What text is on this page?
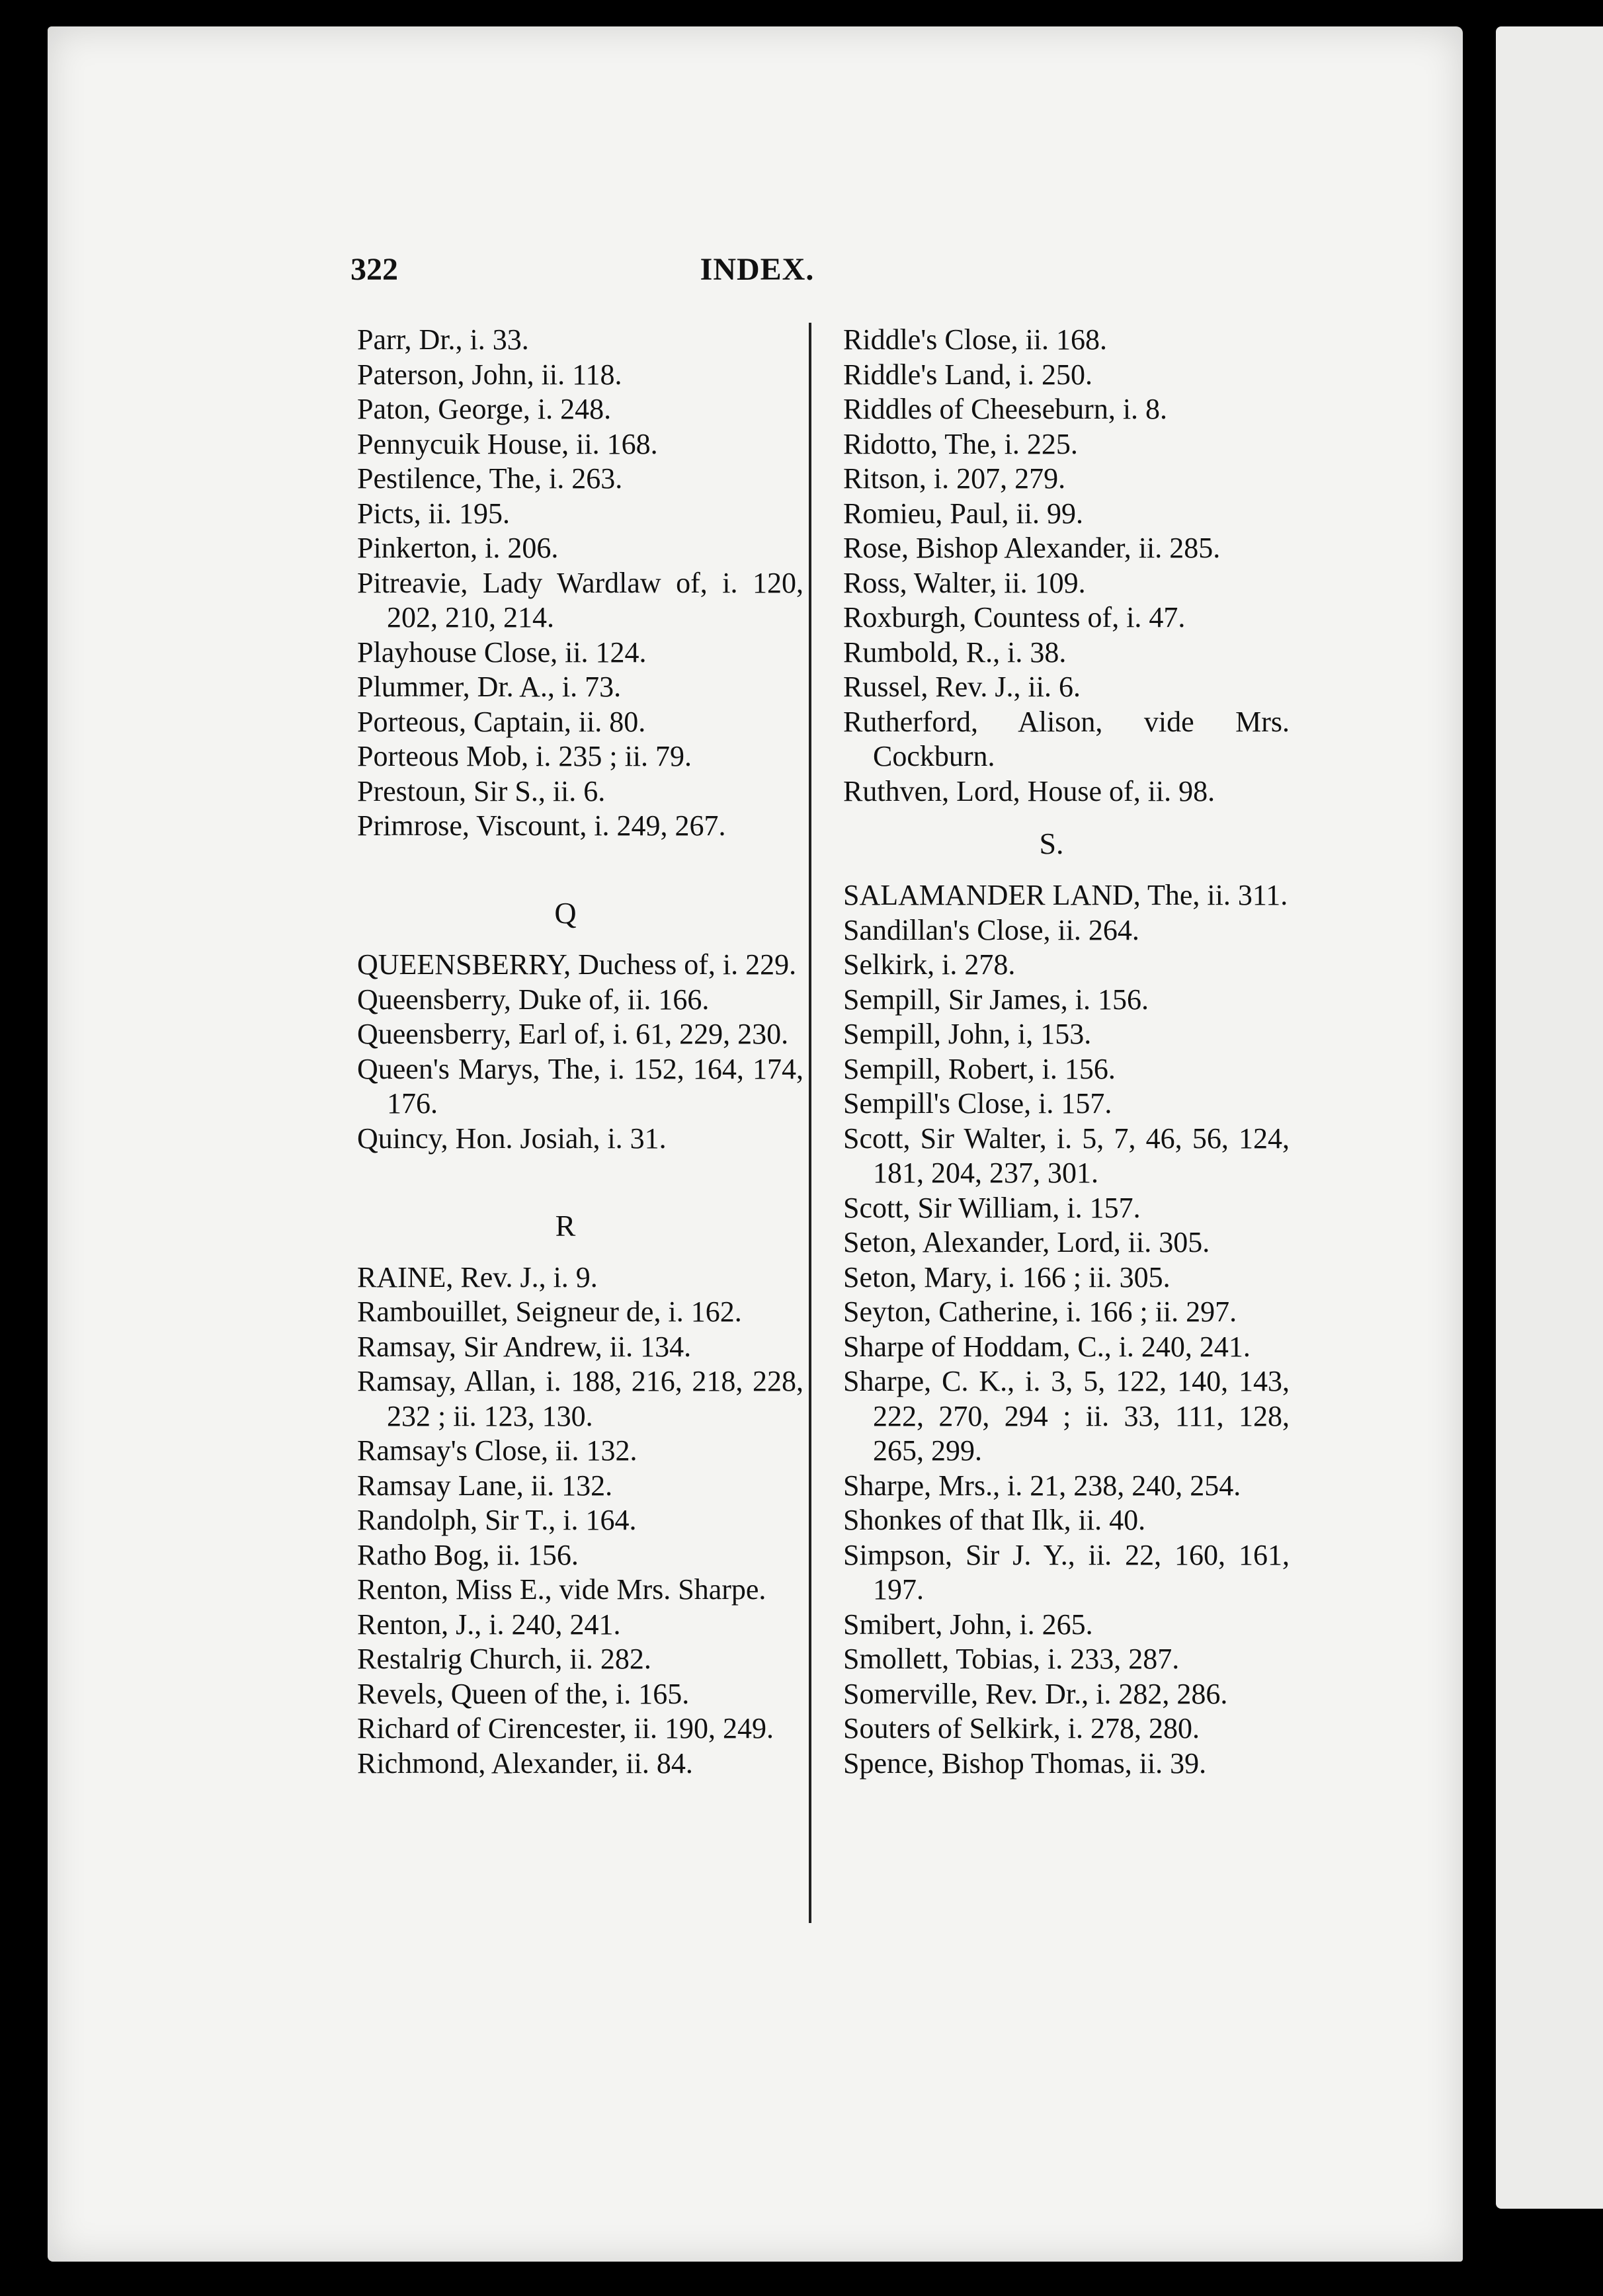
322	INDEX.
Parr, Dr., i. 33.
Paterson, John, ii. 118.
Paton, George, i. 248.
Pennycuik House, ii. 168.
Pestilence, The, i. 263.
Picts, ii. 195.
Pinkerton, i. 206.
Pitreavie, Lady Wardlaw of, i. 120, 202, 210, 214.
Playhouse Close, ii. 124.
Plummer, Dr. A., i. 73.
Porteous, Captain, ii. 80.
Porteous Mob, i. 235 ; ii. 79.
Prestoun, Sir S., ii. 6.
Primrose, Viscount, i. 249, 267.
Q
QUEENSBERRY, Duchess of, i. 229.
Queensberry, Duke of, ii. 166.
Queensberry, Earl of, i. 61, 229, 230.
Queen's Marys, The, i. 152, 164, 174, 176.
Quincy, Hon. Josiah, i. 31.
R
RAINE, Rev. J., i. 9.
Rambouillet, Seigneur de, i. 162.
Ramsay, Sir Andrew, ii. 134.
Ramsay, Allan, i. 188, 216, 218, 228, 232 ; ii. 123, 130.
Ramsay's Close, ii. 132.
Ramsay Lane, ii. 132.
Randolph, Sir T., i. 164.
Ratho Bog, ii. 156.
Renton, Miss E., vide Mrs. Sharpe.
Renton, J., i. 240, 241.
Restalrig Church, ii. 282.
Revels, Queen of the, i. 165.
Richard of Cirencester, ii. 190, 249.
Richmond, Alexander, ii. 84.
Riddle's Close, ii. 168.
Riddle's Land, i. 250.
Riddles of Cheeseburn, i. 8.
Ridotto, The, i. 225.
Ritson, i. 207, 279.
Romieu, Paul, ii. 99.
Rose, Bishop Alexander, ii. 285.
Ross, Walter, ii. 109.
Roxburgh, Countess of, i. 47.
Rumbold, R., i. 38.
Russel, Rev. J., ii. 6.
Rutherford, Alison, vide Mrs. Cockburn.
Ruthven, Lord, House of, ii. 98.
S.
SALAMANDER LAND, The, ii. 311.
Sandillan's Close, ii. 264.
Selkirk, i. 278.
Sempill, Sir James, i. 156.
Sempill, John, i, 153.
Sempill, Robert, i. 156.
Sempill's Close, i. 157.
Scott, Sir Walter, i. 5, 7, 46, 56, 124, 181, 204, 237, 301.
Scott, Sir William, i. 157.
Seton, Alexander, Lord, ii. 305.
Seton, Mary, i. 166 ; ii. 305.
Seyton, Catherine, i. 166 ; ii. 297.
Sharpe of Hoddam, C., i. 240, 241.
Sharpe, C. K., i. 3, 5, 122, 140, 143, 222, 270, 294 ; ii. 33, 111, 128, 265, 299.
Sharpe, Mrs., i. 21, 238, 240, 254.
Shonkes of that Ilk, ii. 40.
Simpson, Sir J. Y., ii. 22, 160, 161, 197.
Smibert, John, i. 265.
Smollett, Tobias, i. 233, 287.
Somerville, Rev. Dr., i. 282, 286.
Souters of Selkirk, i. 278, 280.
Spence, Bishop Thomas, ii. 39.
